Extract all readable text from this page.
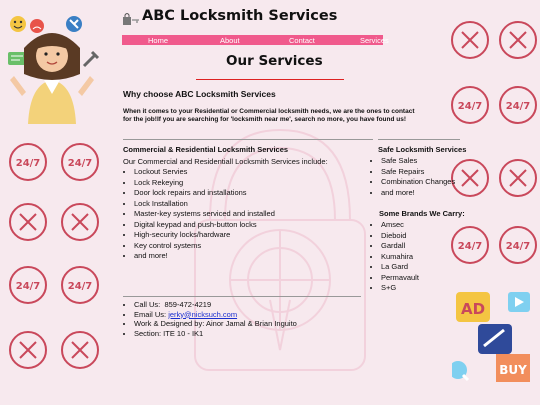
24/7	24/7
24/7	24/7
24/7 24/7
24/7 24/7
AD
BUY
ABC Locksmith Services
Home	About	Contact	Services
Our Services
Why choose ABC Locksmith Services
When it comes to your Residential or Commercial locksmith needs, we are the ones to contact for the job!If you are searching for 'locksmith near me', search no more, you have found us!
Commercial & Residential Locksmith Services
Our Commercial and Residentiall Locksmith Services include:
• Lockout Servies
• Lock Rekeying
• Door lock repairs and installations
• Lock Installation
• Master-key systems serviced and installed
• Digital keypad and push-button locks
• High-security locks/hardware
• Key control systems
• and more!
Safe Locksmith Services
• Safe Sales
• Safe Repairs
• Combination Changes
• and more!
Some Brands We Carry:
• Amsec
• Dieboid
• Gardall
• Kumahira
• La Gard
• Permavault
• S+G
• Call Us: 859-472-4219
• Email Us: jerky@nicksuch.com
• Work & Designed by: Ainor Jamal & Brian Inguito
• Section: ITE 10 - IK1
